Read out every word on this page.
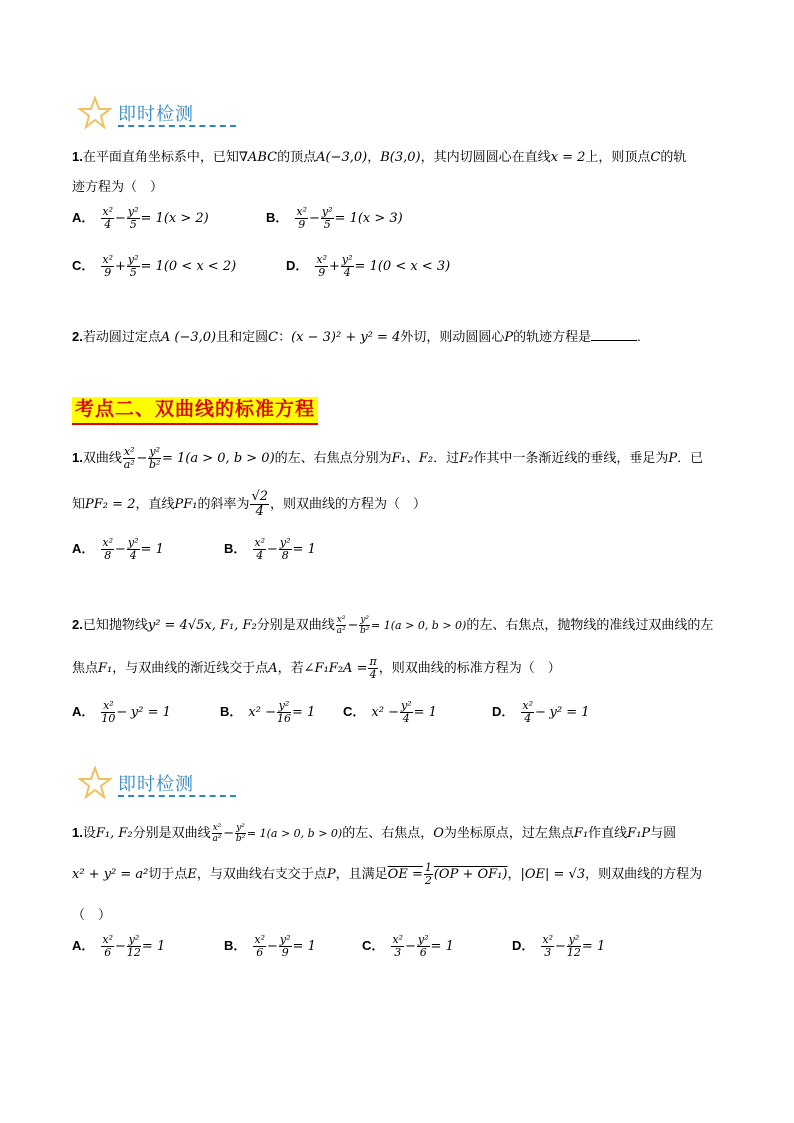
即时检测
1.在平面直角坐标系中，已知∇ABC的顶点A(−3,0)，B(3,0)，其内切圆圆心在直线x = 2上，则顶点C的轨
迹方程为（　）
A． $\frac{\text{x²}}{4} - \frac{\text{y²}}{5} = 1(x > 2)$	B． $\frac{\text{x²}}{9} - \frac{\text{y²}}{5} = 1(x > 3)$
C． $\frac{\text{x²}}{9} + \frac{\text{y²}}{5} = 1(0 < x < 2)$	D． $\frac{\text{x²}}{9} + \frac{\text{y²}}{4} = 1(0 < x < 3)$
2.若动圆过定点A (−3,0)且和定圆C：(x − 3)² + y² = 4外切，则动圆圆心P的轨迹方程是	.
考点二、双曲线的标准方程
1.双曲线 $\frac{\text{x²}}{\text{a²}} - \frac{\text{y²}}{\text{b²}} = 1(a > 0$, b > 0)的左、右焦点分别为F₁、F₂．过F₂作其中一条渐近线的垂线，垂足为P．已
知PF₂ = 2，直线PF₁的斜率为 $\frac{√2}{4}$ ，则双曲线的方程为（　）
A． $\frac{\text{x²}}{8} - \frac{\text{y²}}{4} = 1$	B． $\frac{\text{x²}}{4} - \frac{\text{y²}}{8} = 1$
2.已知抛物线y² = 4√5x, F₁, F₂分别是双曲线 $\frac{\text{x²}}{\text{a²}} - \frac{\text{y²}}{\text{b²}} = 1(a > 0$, b > 0)的左、右焦点，抛物线的准线过双曲线的左
焦点F₁，与双曲线的渐近线交于点A，若∠F₁F₂A = $\frac{\pi}{4}$ ，则双曲线的标准方程为（　）
A． $\frac{\text{x²}}{10} - y^2 = 1$	B． $x^2 - \frac{\text{y²}}{16} = 1$ C． $x^2 - \frac{\text{y²}}{4} = 1$	D． $\frac{\text{x²}}{4} - y^2 = 1$
即时检测
1.设F₁, F₂分别是双曲线 $\frac{\text{x²}}{\text{a²}} - \frac{\text{y²}}{\text{b²}} = 1(a > 0$, b > 0)的左、右焦点，O为坐标原点，过左焦点F₁作直线F₁P与圆
x² + y² = a²切于点E，与双曲线右支交于点P，且满足OE = $\frac{1}{2} (OP + OF_1)$，|OE| = √3，则双曲线的方程为
（　）
A． $\frac{\text{x²}}{6} - \frac{\text{y²}}{12} = 1$	B． $\frac{\text{x²}}{6} - \frac{\text{y²}}{9} = 1$	C． $\frac{\text{x²}}{3} - \frac{\text{y²}}{6} = 1$	D． $\frac{\text{x²}}{3} - \frac{\text{y²}}{12} = 1$
